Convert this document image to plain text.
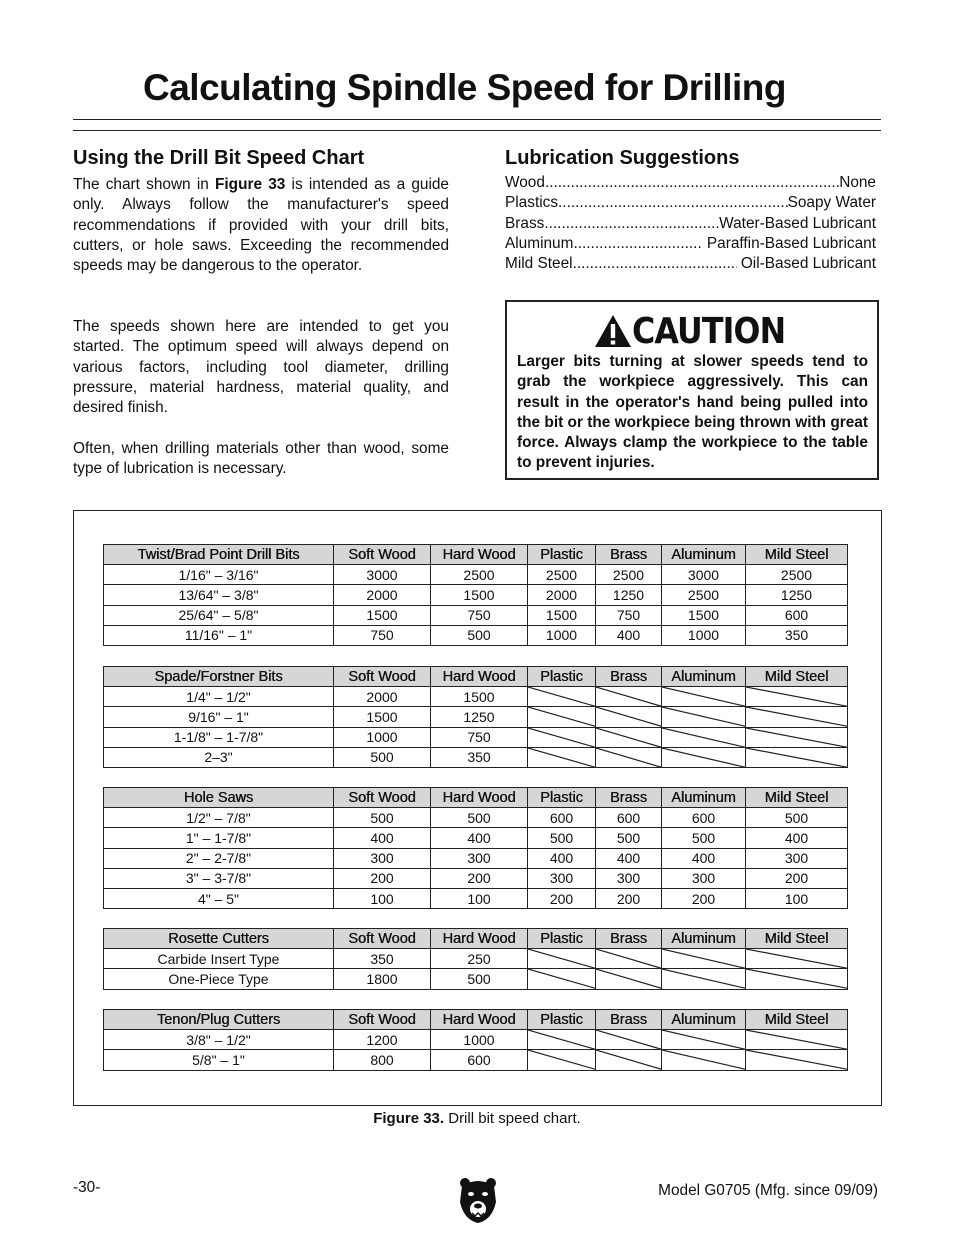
Calculating Spindle Speed for Drilling
Using the Drill Bit Speed Chart

The chart shown in Figure 33 is intended as a guide only. Always follow the manufacturer's speed recommendations if provided with your drill bits, cutters, or hole saws. Exceeding the recommended speeds may be dangerous to the operator.

The speeds shown here are intended to get you started. The optimum speed will always depend on various factors, including tool diameter, drilling pressure, material hardness, material quality, and desired finish.

Often, when drilling materials other than wood, some type of lubrication is necessary.

Lubrication Suggestions
Wood .....	None
Plastics .....	Soapy Water
Brass .....	Water-Based Lubricant
Aluminum .....	Paraffin-Based Lubricant
Mild Steel .....	Oil-Based Lubricant
CAUTION
Larger bits turning at slower speeds tend to grab the workpiece aggressively. This can result in the operator's hand being pulled into the bit or the workpiece being thrown with great force. Always clamp the workpiece to the table to prevent injuries.
Twist/Brad Point Drill Bits	Soft Wood	Hard Wood	Plastic	Brass	Aluminum	Mild Steel
1/16" – 3/16"	3000	2500	2500	2500	3000	2500
13/64" – 3/8"	2000	1500	2000	1250	2500	1250
25/64" – 5/8"	1500	750	1500	750	1500	600
11/16" – 1"	750	500	1000	400	1000	350
Spade/Forstner Bits	Soft Wood	Hard Wood	Plastic	Brass	Aluminum	Mild Steel
1/4" – 1/2"	2000	1500	

9/16" – 1"	1500	1250	

1-1/8" – 1-7/8"	1000	750	

2–3"	500	350	

Hole Saws	Soft Wood	Hard Wood	Plastic	Brass	Aluminum	Mild Steel
1/2" – 7/8"	500	500	600	600	600	500
1" – 1-7/8"	400	400	500	500	500	400
2" – 2-7/8"	300	300	400	400	400	300
3" – 3-7/8"	200	200	300	300	300	200
4" – 5"	100	100	200	200	200	100
Rosette Cutters	Soft Wood	Hard Wood	Plastic	Brass	Aluminum	Mild Steel
Carbide Insert Type	350	250	

One-Piece Type	1800	500	

Tenon/Plug Cutters	Soft Wood	Hard Wood	Plastic	Brass	Aluminum	Mild Steel
3/8" – 1/2"	1200	1000	

5/8" – 1"	800	600	

Figure 33. Drill bit speed chart.
-30-	Model G0705 (Mfg. since 09/09)
